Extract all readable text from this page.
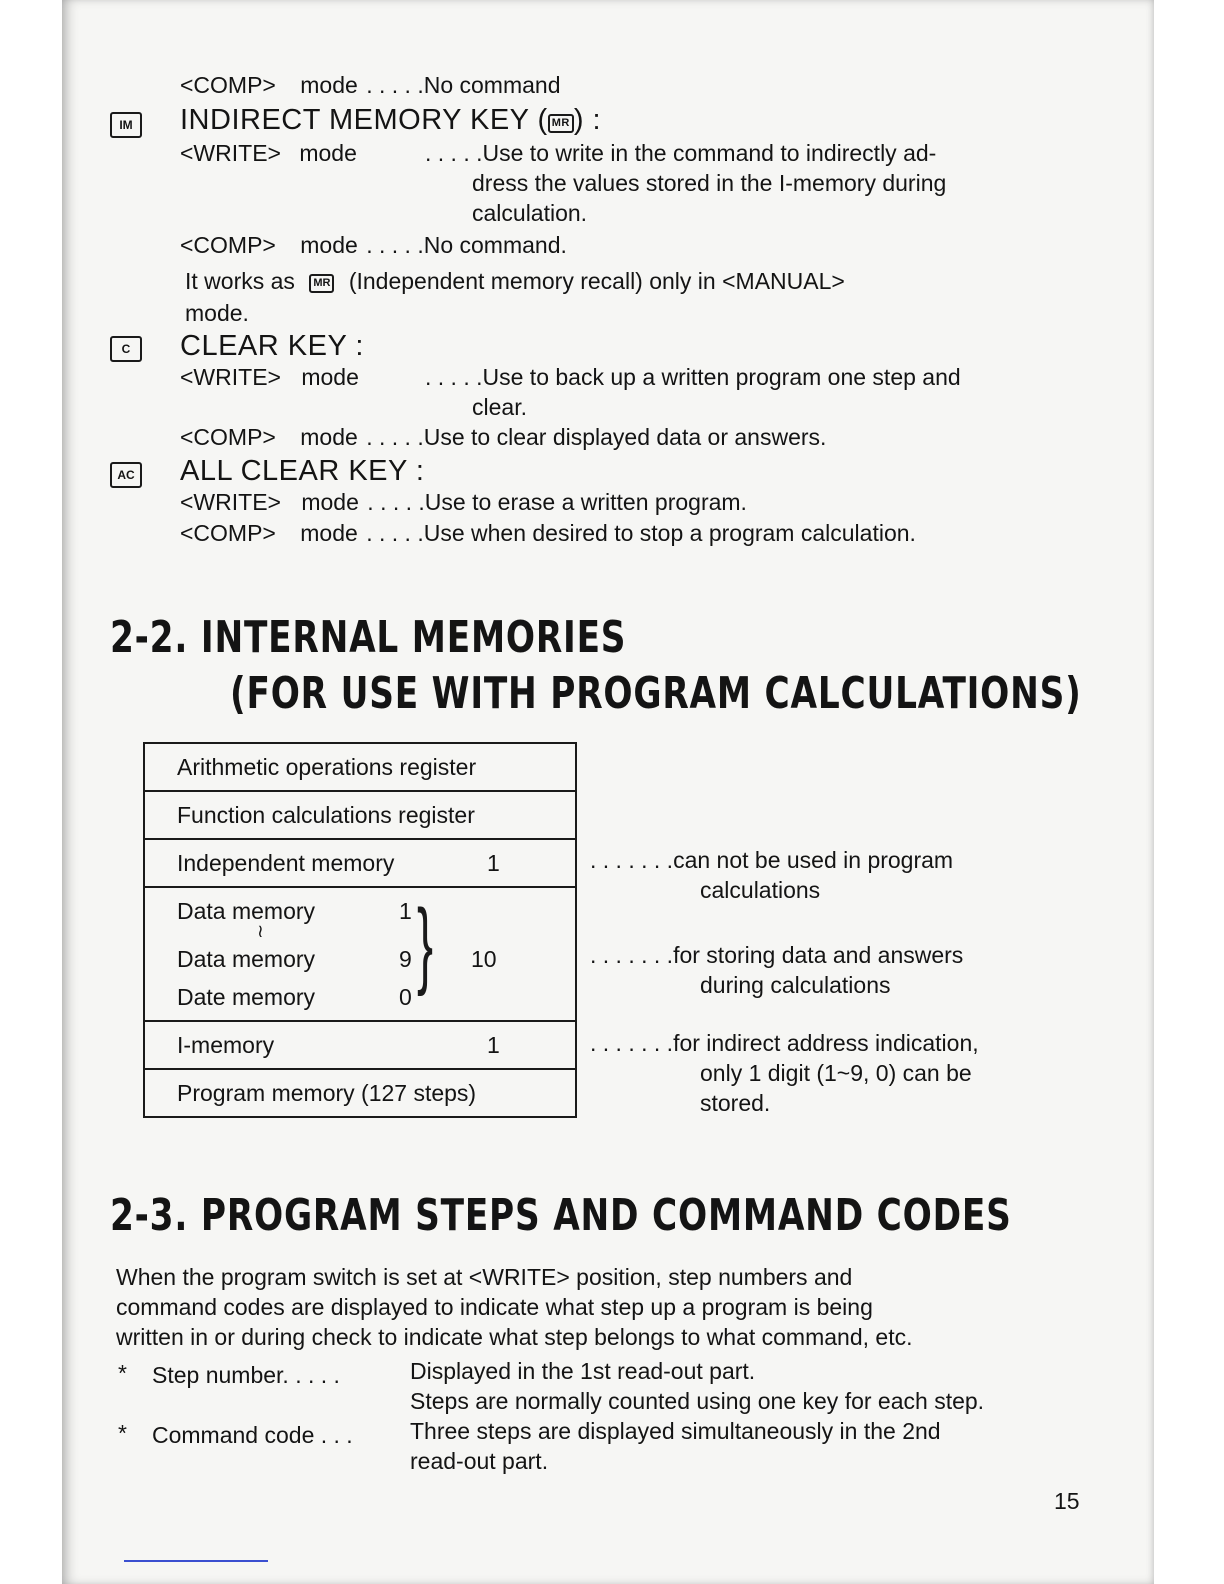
<COMP> mode . . . . .No command
IM	INDIRECT MEMORY KEY ( MR ) :
<WRITE> mode	. . . . .Use to write in the command to indirectly ad-
dress the values stored in the I-memory during
calculation.
<COMP> mode . . . . .No command.
It works as MR (Independent memory recall) only in <MANUAL>
mode.
C	CLEAR KEY :
<WRITE> mode	. . . . .Use to back up a written program one step and
clear.
<COMP> mode . . . . .Use to clear displayed data or answers.
AC ALL CLEAR KEY :
<WRITE> mode . . . . .Use to erase a written program.
<COMP> mode . . . . .Use when desired to stop a program calculation.
2-2. INTERNAL MEMORIES
(FOR USE WITH PROGRAM CALCULATIONS)
Arithmetic operations register
Function calculations register
Independent memory	1

Data memory	1
≀
Data memory	9
Date memory	0 } 10

I-memory	1

Program memory (127 steps)
. . . . . . .can not be used in program
calculations
. . . . . . .for storing data and answers
during calculations
. . . . . . .for indirect address indication,
only 1 digit (1~9, 0) can be
stored.
2-3. PROGRAM STEPS AND COMMAND CODES
When the program switch is set at <WRITE> position, step numbers and
command codes are displayed to indicate what step up a program is being
written in or during check to indicate what step belongs to what command, etc.
* Step number. . . . .	Displayed in the 1st read-out part.
Steps are normally counted using one key for each step.
* Command code . . . Three steps are displayed simultaneously in the 2nd
read-out part.
15
